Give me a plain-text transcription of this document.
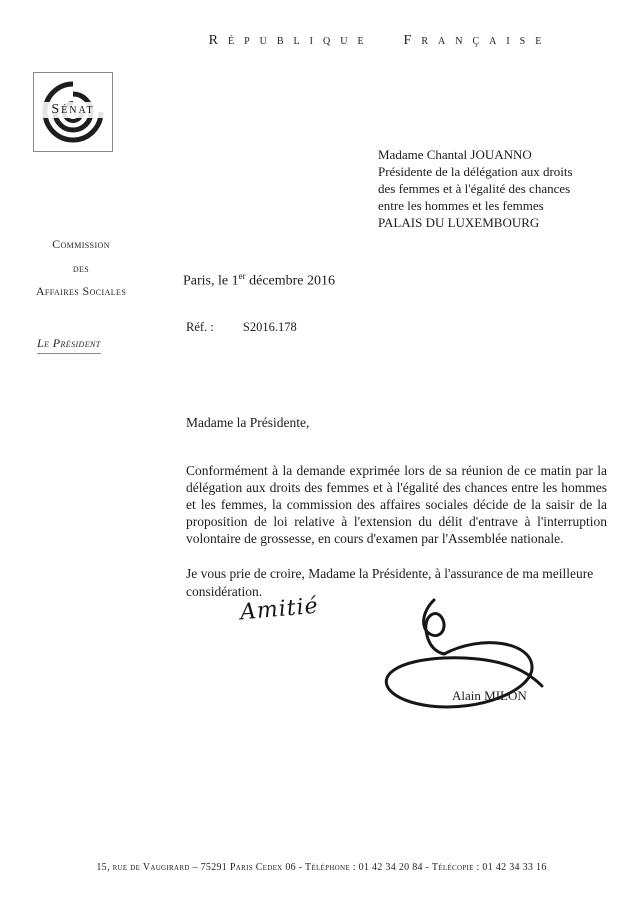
République Française
Sénat
Madame Chantal JOUANNO
Présidente de la délégation aux droits
des femmes et à l'égalité des chances
entre les hommes et les femmes
PALAIS DU LUXEMBOURG
Commission
des
Affaires Sociales
Le Président
Paris, le 1er décembre 2016
Réf. : S2016.178
Madame la Présidente,
Conformément à la demande exprimée lors de sa réunion de ce matin par la délégation aux droits des femmes et à l'égalité des chances entre les hommes et les femmes, la commission des affaires sociales décide de la saisir de la proposition de loi relative à l'extension du délit d'entrave à l'interruption volontaire de grossesse, en cours d'examen par l'Assemblée nationale.
Je vous prie de croire, Madame la Présidente, à l'assurance de ma meilleure considération.
Amitié
Alain MILON
15, rue de Vaugirard – 75291 Paris Cedex 06 - Téléphone : 01 42 34 20 84 - Télécopie : 01 42 34 33 16
